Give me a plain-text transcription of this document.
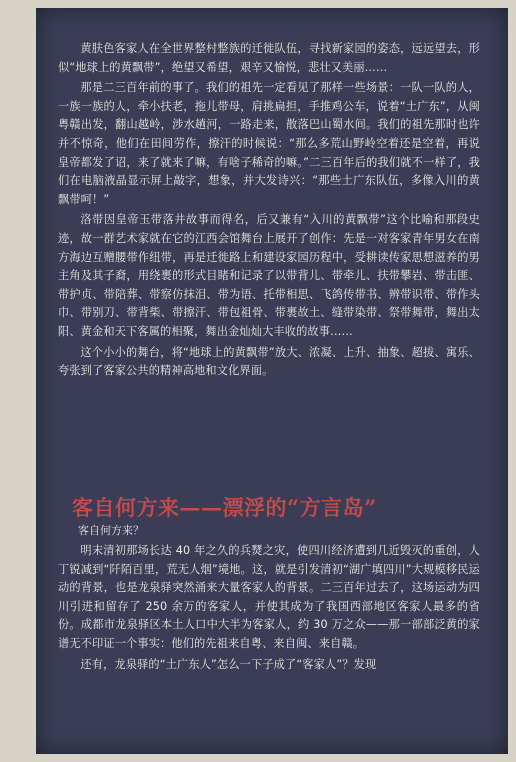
黄肤色客家人在全世界整村整族的迁徙队伍，寻找新家园的姿态，远远望去，形似“地球上的黄飘带”，绝望又希望，艰辛又愉悦，悲壮又美丽……

那是二三百年前的事了。我们的祖先一定看见了那样一些场景：一队一队的人，一族一族的人，牵小扶老，拖儿带母，肩挑扁担，手推鸡公车，说着“土广东”，从闽粤赣出发，翻山越岭，涉水趟河，一路走来，散落巴山蜀水间。我们的祖先那时也许并不惊奇，他们在田间劳作，擦汗的时候说：“那么多荒山野岭空着还是空着，再说皇帝都发了诏，来了就来了嘛，有啥子稀奇的嘛。”二三百年后的我们就不一样了，我们在电脑液晶显示屏上敲字，想象，并大发诗兴：“那些土广东队伍，多像入川的黄飘带呵！”

洛带因皇帝玉带落井故事而得名，后又兼有“入川的黄飘带”这个比喻和那段史迹，故一群艺术家就在它的江西会馆舞台上展开了创作：先是一对客家青年男女在南方海边互赠腰带作纽带，再是迁徙路上和建设家园历程中，受耕读传家思想滋养的男主角及其子裔，用绕裹的形式目睹和记录了以带背儿、带牵儿、扶带攀岩、带击匪、带护贞、带陪葬、带察仿抹泪、带为语、托带相思、飞鸽传带书、辨带识带、带作头巾、带别刀、带背柴、带擦汗、带包祖骨、带裹故土、缝带染带、祭带舞带，舞出太阳、黄金和天下客属的相聚，舞出金灿灿大丰收的故事……

这个小小的舞台，将“地球上的黄飘带”放大、浓凝、上升、抽象、超拔、寓乐、夸张到了客家公共的精神高地和文化界面。

客自何方来——漂浮的“方言岛”
客自何方来？

明末清初那场长达 40 年之久的兵燹之灾，使四川经济遭到几近毁灭的重创，人丁锐减到“阡陌百里，荒无人烟”境地。这，就是引发清初“湖广填四川”大规模移民运动的背景，也是龙泉驿突然涌来大量客家人的背景。二三百年过去了，这场运动为四川引进和留存了 250 余万的客家人，并使其成为了我国西部地区客家人最多的省份。成都市龙泉驿区本土人口中大半为客家人，约 30 万之众——那一部部泛黄的家谱无不印证一个事实：他们的先祖来自粤、来自闽、来自赣。

还有，龙泉驿的“土广东人”怎么一下子成了“客家人”？发现
